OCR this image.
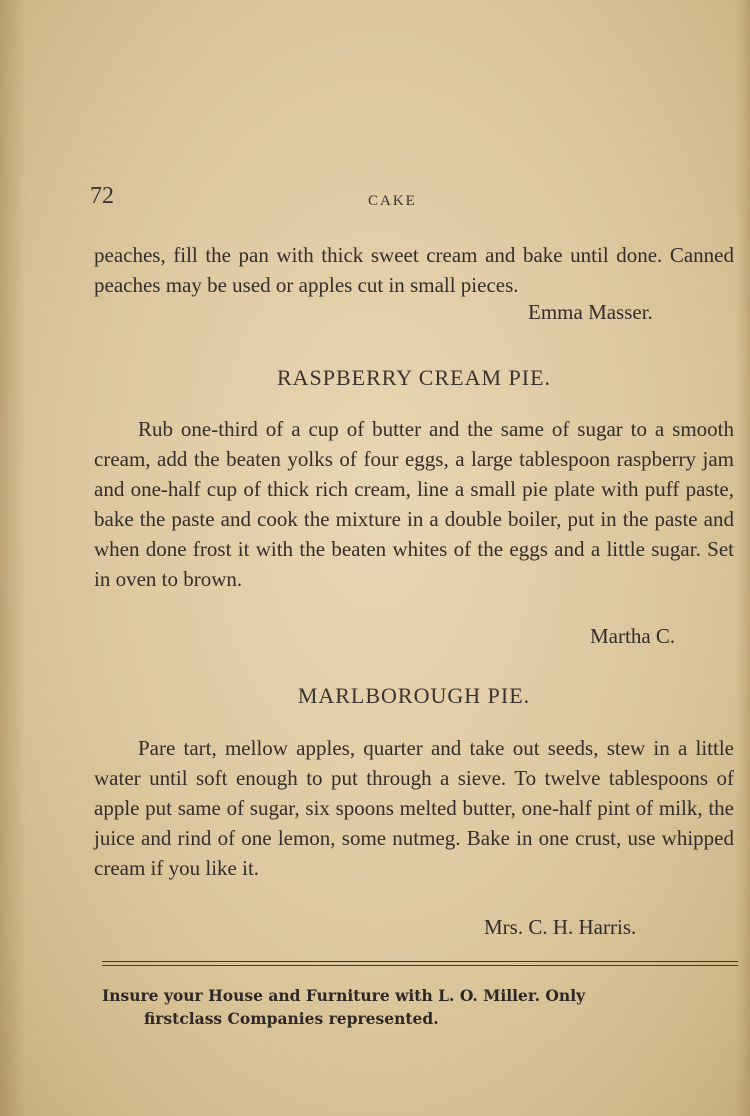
72	CAKE
peaches, fill the pan with thick sweet cream and bake until done. Canned peaches may be used or apples cut in small pieces.
Emma Masser.
RASPBERRY CREAM PIE.
Rub one-third of a cup of butter and the same of sugar to a smooth cream, add the beaten yolks of four eggs, a large tablespoon raspberry jam and one-half cup of thick rich cream, line a small pie plate with puff paste, bake the paste and cook the mixture in a double boiler, put in the paste and when done frost it with the beaten whites of the eggs and a little sugar. Set in oven to brown.
Martha C.
MARLBOROUGH PIE.
Pare tart, mellow apples, quarter and take out seeds, stew in a little water until soft enough to put through a sieve. To twelve tablespoons of apple put same of sugar, six spoons melted butter, one-half pint of milk, the juice and rind of one lemon, some nutmeg. Bake in one crust, use whipped cream if you like it.
Mrs. C. H. Harris.
Insure your House and Furniture with L. O. Miller. Only
firstclass Companies represented.
